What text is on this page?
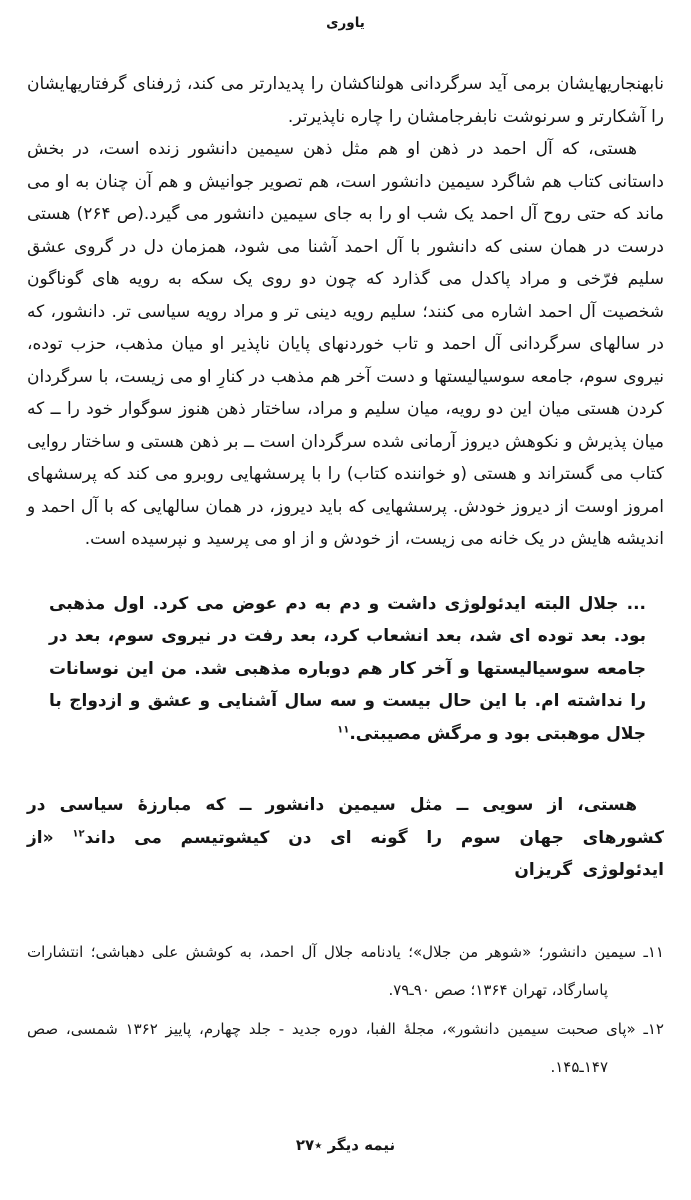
یاوری

نابهنجاریهایشان برمی آید سرگردانی هولناکشان را پدیدارتر می کند، ژرفنای گرفتاریهایشان را آشکارتر و سرنوشت نابفرجامشان را چاره ناپذیرتر.

هستی، که آل احمد در ذهن او هم مثل ذهن سیمین دانشور زنده است، در بخش داستانی کتاب هم شاگرد سیمین دانشور است، هم تصویر جوانیش و هم آن چنان به او می ماند که حتی روح آل احمد یک شب او را به جای سیمین دانشور می گیرد.(ص ۲۶۴) هستی درست در همان سنی که دانشور با آل احمد آشنا می شود، همزمان دل در گروی عشق سلیم فرّخی و مراد پاکدل می گذارد که چون دو روی یک سکه به رویه های گوناگون شخصیت آل احمد اشاره می کنند؛ سلیم رویه دینی تر و مراد رویه سیاسی تر. دانشور، که در سالهای سرگردانی آل احمد و تاب خوردنهای پایان ناپذیر او میان مذهب، حزب توده، نیروی سوم، جامعه سوسیالیستها و دست آخر هم مذهب در کنارِ او می زیست، با سرگردان کردن هستی میان این دو رویه، میان سلیم و مراد، ساختار ذهن هنوز سوگوار خود را ــ که میان پذیرش و نکوهش دیروز آرمانی شده سرگردان است ــ بر ذهن هستی و ساختار روایی کتاب می گستراند و هستی (و خواننده کتاب) را با پرسشهایی روبرو می کند که پرسشهای امروز اوست از دیروز خودش. پرسشهایی که باید دیروز، در همان سالهایی که با آل احمد و اندیشه هایش در یک خانه می زیست، از خودش و از او می پرسید و نپرسیده است.

... جلال البته ایدئولوژی داشت و دم به دم عوض می کرد. اول مذهبی بود. بعد توده ای شد، بعد انشعاب کرد، بعد رفت در نیروی سوم، بعد در جامعه سوسیالیستها و آخر کار هم دوباره مذهبی شد. من این نوسانات را نداشته ام. با این حال بیست و سه سال آشنایی و عشق و ازدواج با جلال موهبتی بود و مرگش مصیبتی.$^{۱۱}$

هستی، از سویی ــ مثل سیمین دانشور ــ که مبارزهٔ سیاسی در کشورهای جهان سوم را گونه ای دن کیشوتیسم می داند$^{۱۲}$ «از ایدئولوژی گریزان

۱۱ـ سیمین دانشور؛ «شوهر من جلال»؛ یادنامه جلال آل احمد، به کوشش علی دهباشی؛ انتشارات پاسارگاد، تهران ۱۳۶۴؛ صص ۹۰ـ۷۹.

۱۲ـ «پای صحبت سیمین دانشور»، مجلهٔ الفبا، دوره جدید - جلد چهارم، پاییز ۱۳۶۲ شمسی، صص ۱۴۷ـ۱۴۵.

نیمه دیگر ٭۲۷
